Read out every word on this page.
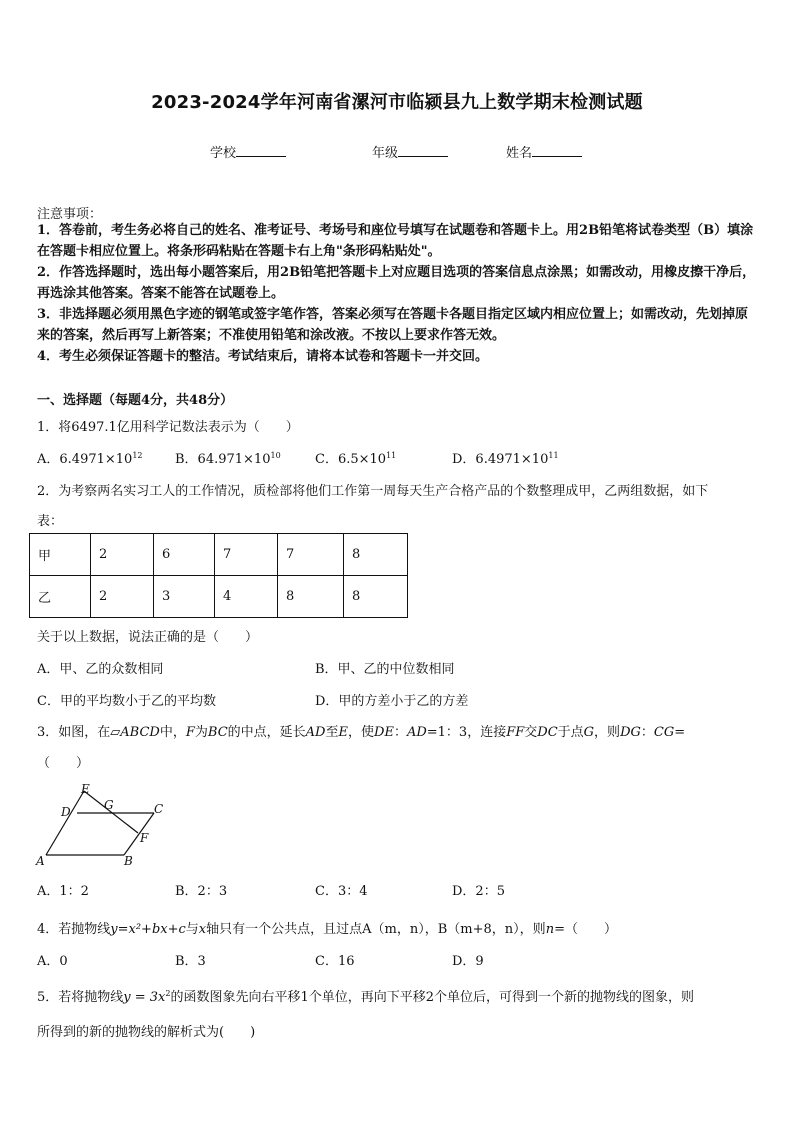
2023-2024学年河南省漯河市临颍县九上数学期末检测试题
学校	年级	姓名
注意事项：
1．答卷前，考生务必将自己的姓名、准考证号、考场号和座位号填写在试题卷和答题卡上。用2B铅笔将试卷类型（B）填涂在答题卡相应位置上。将条形码粘贴在答题卡右上角"条形码粘贴处"。
2．作答选择题时，选出每小题答案后，用2B铅笔把答题卡上对应题目选项的答案信息点涂黑；如需改动，用橡皮擦干净后，再选涂其他答案。答案不能答在试题卷上。
3．非选择题必须用黑色字迹的钢笔或签字笔作答，答案必须写在答题卡各题目指定区域内相应位置上；如需改动，先划掉原来的答案，然后再写上新答案；不准使用铅笔和涂改液。不按以上要求作答无效。
4．考生必须保证答题卡的整洁。考试结束后，请将本试卷和答题卡一并交回。
一、选择题（每题4分，共48分）
1．将6497.1亿用科学记数法表示为（　　）
A．$6.4971\times 10^{12}$	B．$64.971\times 10^{10}$	C．$6.5\times 10^{11}$	D．$6.4971\times 10^{11}$
2．为考察两名实习工人的工作情况，质检部将他们工作第一周每天生产合格产品的个数整理成甲，乙两组数据，如下
表：
甲	2	6	7	7	8
乙	2	3	4	8	8
关于以上数据，说法正确的是（　　）
A．甲、乙的众数相同	B．甲、乙的中位数相同
C．甲的平均数小于乙的平均数	D．甲的方差小于乙的方差
3．如图，在▱ABCD中，F为BC的中点，延长AD至E，使DE：AD=1：3，连接FF交DC于点G，则DG：CG=
（　　）
E
D	G	C
F
A	B
A．1：2	B．2：3	C．3：4	D．2：5
4．若抛物线y=x²+bx+c与x轴只有一个公共点，且过点A（m，n），B（m+8，n），则n=（　　）
A．0	B．3	C．16	D．9
5．若将抛物线$y = 3x^2$的函数图象先向右平移1个单位，再向下平移2个单位后，可得到一个新的抛物线的图象，则
所得到的新的抛物线的解析式为(　　)
